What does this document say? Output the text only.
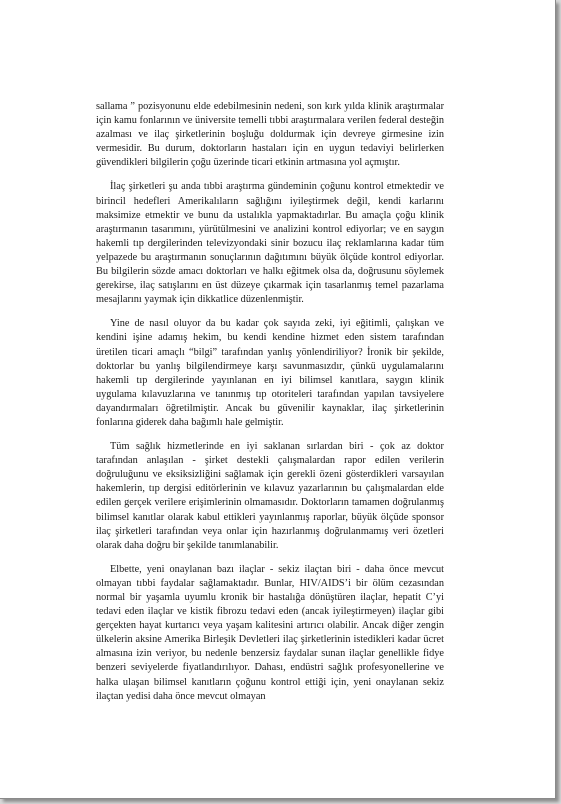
sallama ” pozisyonunu elde edebilmesinin nedeni, son kırk yılda klinik araştırmalar için kamu fonlarının ve üniversite temelli tıbbi araştırmalara verilen federal desteğin azalması ve ilaç şirketlerinin boşluğu doldurmak için devreye girmesine izin vermesidir. Bu durum, doktorların hastaları için en uygun tedaviyi belirlerken güvendikleri bilgilerin çoğu üzerinde ticari etkinin artmasına yol açmıştır.

İlaç şirketleri şu anda tıbbi araştırma gündeminin çoğunu kontrol etmektedir ve birincil hedefleri Amerikalıların sağlığını iyileştirmek değil, kendi karlarını maksimize etmektir ve bunu da ustalıkla yapmaktadırlar. Bu amaçla çoğu klinik araştırmanın tasarımını, yürütülmesini ve analizini kontrol ediyorlar; ve en saygın hakemli tıp dergilerinden televizyondaki sinir bozucu ilaç reklamlarına kadar tüm yelpazede bu araştırmanın sonuçlarının dağıtımını büyük ölçüde kontrol ediyorlar. Bu bilgilerin sözde amacı doktorları ve halkı eğitmek olsa da, doğrusunu söylemek gerekirse, ilaç satışlarını en üst düzeye çıkarmak için tasarlanmış temel pazarlama mesajlarını yaymak için dikkatlice düzenlenmiştir.

Yine de nasıl oluyor da bu kadar çok sayıda zeki, iyi eğitimli, çalışkan ve kendini işine adamış hekim, bu kendi kendine hizmet eden sistem tarafından üretilen ticari amaçlı “bilgi” tarafından yanlış yönlendiriliyor? İronik bir şekilde, doktorlar bu yanlış bilgilendirmeye karşı savunmasızdır, çünkü uygulamalarını hakemli tıp dergilerinde yayınlanan en iyi bilimsel kanıtlara, saygın klinik uygulama kılavuzlarına ve tanınmış tıp otoriteleri tarafından yapılan tavsiyelere dayandırmaları öğretilmiştir. Ancak bu güvenilir kaynaklar, ilaç şirketlerinin fonlarına giderek daha bağımlı hale gelmiştir.

Tüm sağlık hizmetlerinde en iyi saklanan sırlardan biri - çok az doktor tarafından anlaşılan - şirket destekli çalışmalardan rapor edilen verilerin doğruluğunu ve eksiksizliğini sağlamak için gerekli özeni gösterdikleri varsayılan hakemlerin, tıp dergisi editörlerinin ve kılavuz yazarlarının bu çalışmalardan elde edilen gerçek verilere erişimlerinin olmamasıdır. Doktorların tamamen doğrulanmış bilimsel kanıtlar olarak kabul ettikleri yayınlanmış raporlar, büyük ölçüde sponsor ilaç şirketleri tarafından veya onlar için hazırlanmış doğrulanmamış veri özetleri olarak daha doğru bir şekilde tanımlanabilir.

Elbette, yeni onaylanan bazı ilaçlar - sekiz ilaçtan biri - daha önce mevcut olmayan tıbbi faydalar sağlamaktadır. Bunlar, HIV/AIDS’i bir ölüm cezasından normal bir yaşamla uyumlu kronik bir hastalığa dönüştüren ilaçlar, hepatit C’yi tedavi eden ilaçlar ve kistik fibrozu tedavi eden (ancak iyileştirmeyen) ilaçlar gibi gerçekten hayat kurtarıcı veya yaşam kalitesini artırıcı olabilir. Ancak diğer zengin ülkelerin aksine Amerika Birleşik Devletleri ilaç şirketlerinin istedikleri kadar ücret almasına izin veriyor, bu nedenle benzersiz faydalar sunan ilaçlar genellikle fidye benzeri seviyelerde fiyatlandırılıyor. Dahası, endüstri sağlık profesyonellerine ve halka ulaşan bilimsel kanıtların çoğunu kontrol ettiği için, yeni onaylanan sekiz ilaçtan yedisi daha önce mevcut olmayan
